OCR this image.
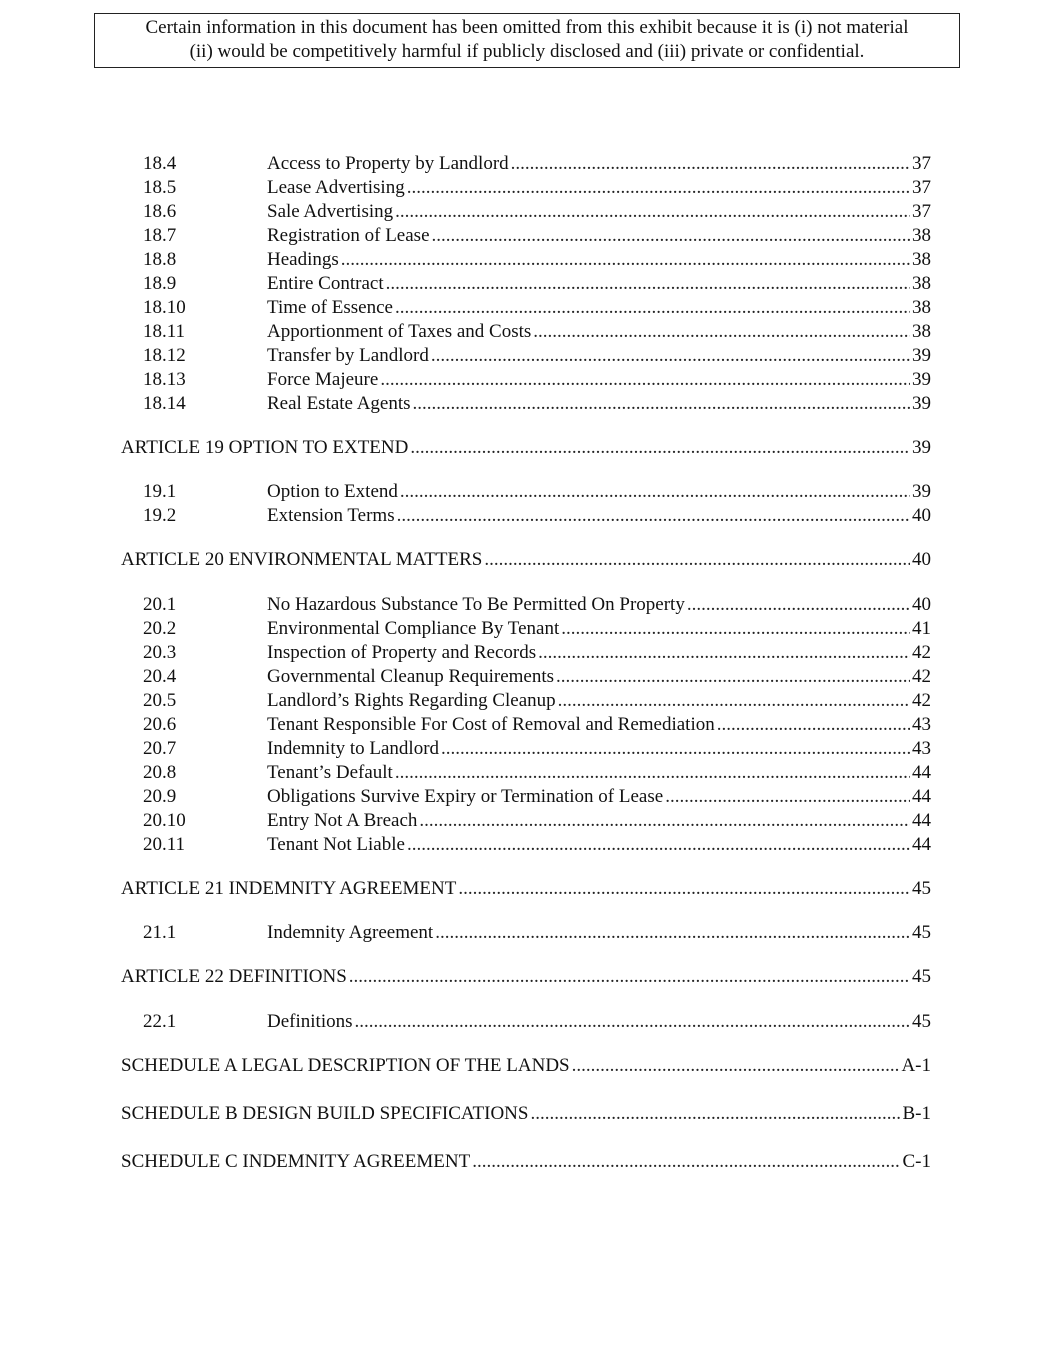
Certain information in this document has been omitted from this exhibit because it is (i) not material
(ii) would be competitively harmful if publicly disclosed and (iii) private or confidential.
18.4	Access to Property by Landlord .....	37
18.5	Lease Advertising .....	37
18.6	Sale Advertising .....	37
18.7	Registration of Lease .....	38
18.8	Headings .....	38
18.9	Entire Contract .....	38
18.10	Time of Essence .....	38
18.11	Apportionment of Taxes and Costs .....	38
18.12	Transfer by Landlord .....	39
18.13	Force Majeure .....	39
18.14	Real Estate Agents .....	39
ARTICLE 19 OPTION TO EXTEND .....	39
19.1	Option to Extend .....	39
19.2	Extension Terms .....	40
ARTICLE 20 ENVIRONMENTAL MATTERS .....	40
20.1	No Hazardous Substance To Be Permitted On Property .....	40
20.2	Environmental Compliance By Tenant .....	41
20.3	Inspection of Property and Records .....	42
20.4	Governmental Cleanup Requirements .....	42
20.5	Landlord’s Rights Regarding Cleanup .....	42
20.6	Tenant Responsible For Cost of Removal and Remediation .....	43
20.7	Indemnity to Landlord .....	43
20.8	Tenant’s Default .....	44
20.9	Obligations Survive Expiry or Termination of Lease .....	44
20.10	Entry Not A Breach .....	44
20.11	Tenant Not Liable .....	44
ARTICLE 21 INDEMNITY AGREEMENT .....	45
21.1	Indemnity Agreement .....	45
ARTICLE 22 DEFINITIONS .....	45
22.1	Definitions .....	45
SCHEDULE A LEGAL DESCRIPTION OF THE LANDS .....	A-1
SCHEDULE B DESIGN BUILD SPECIFICATIONS .....	B-1
SCHEDULE C INDEMNITY AGREEMENT .....	C-1
